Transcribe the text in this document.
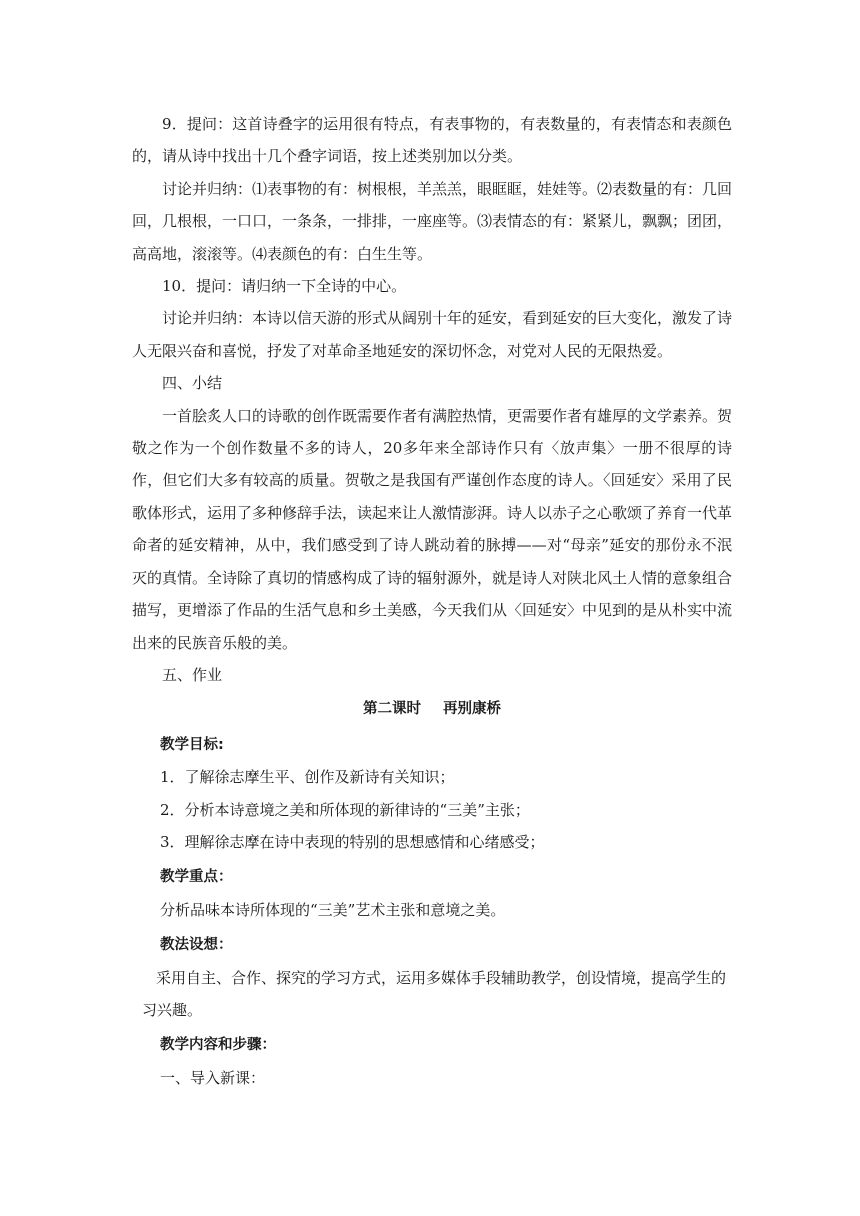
9．提问：这首诗叠字的运用很有特点，有表事物的，有表数量的，有表情态和表颜色的，请从诗中找出十几个叠字词语，按上述类别加以分类。

讨论并归纳：⑴表事物的有：树根根，羊羔羔，眼眶眶，娃娃等。⑵表数量的有：几回回，几根根，一口口，一条条，一排排，一座座等。⑶表情态的有：紧紧儿，飘飘；团团，高高地，滚滚等。⑷表颜色的有：白生生等。

10．提问：请归纳一下全诗的中心。

讨论并归纳：本诗以信天游的形式从阔别十年的延安，看到延安的巨大变化，激发了诗人无限兴奋和喜悦，抒发了对革命圣地延安的深切怀念，对党对人民的无限热爱。

四、小结

一首脍炙人口的诗歌的创作既需要作者有满腔热情，更需要作者有雄厚的文学素养。贺敬之作为一个创作数量不多的诗人，20多年来全部诗作只有〈放声集〉一册不很厚的诗作，但它们大多有较高的质量。贺敬之是我国有严谨创作态度的诗人。〈回延安〉采用了民歌体形式，运用了多种修辞手法，读起来让人激情澎湃。诗人以赤子之心歌颂了养育一代革命者的延安精神，从中，我们感受到了诗人跳动着的脉搏——对“母亲”延安的那份永不泯灭的真情。全诗除了真切的情感构成了诗的辐射源外，就是诗人对陕北风土人情的意象组合描写，更增添了作品的生活气息和乡土美感，今天我们从〈回延安〉中见到的是从朴实中流出来的民族音乐般的美。

五、作业

第二课时 再别康桥

教学目标:

1．了解徐志摩生平、创作及新诗有关知识；

2．分析本诗意境之美和所体现的新律诗的“三美”主张；

3．理解徐志摩在诗中表现的特别的思想感情和心绪感受；

教学重点：

分析品味本诗所体现的“三美”艺术主张和意境之美。

教法设想：

采用自主、合作、探究的学习方式，运用多媒体手段辅助教学，创设情境，提高学生的

习兴趣。

教学内容和步骤：

一、导入新课：
